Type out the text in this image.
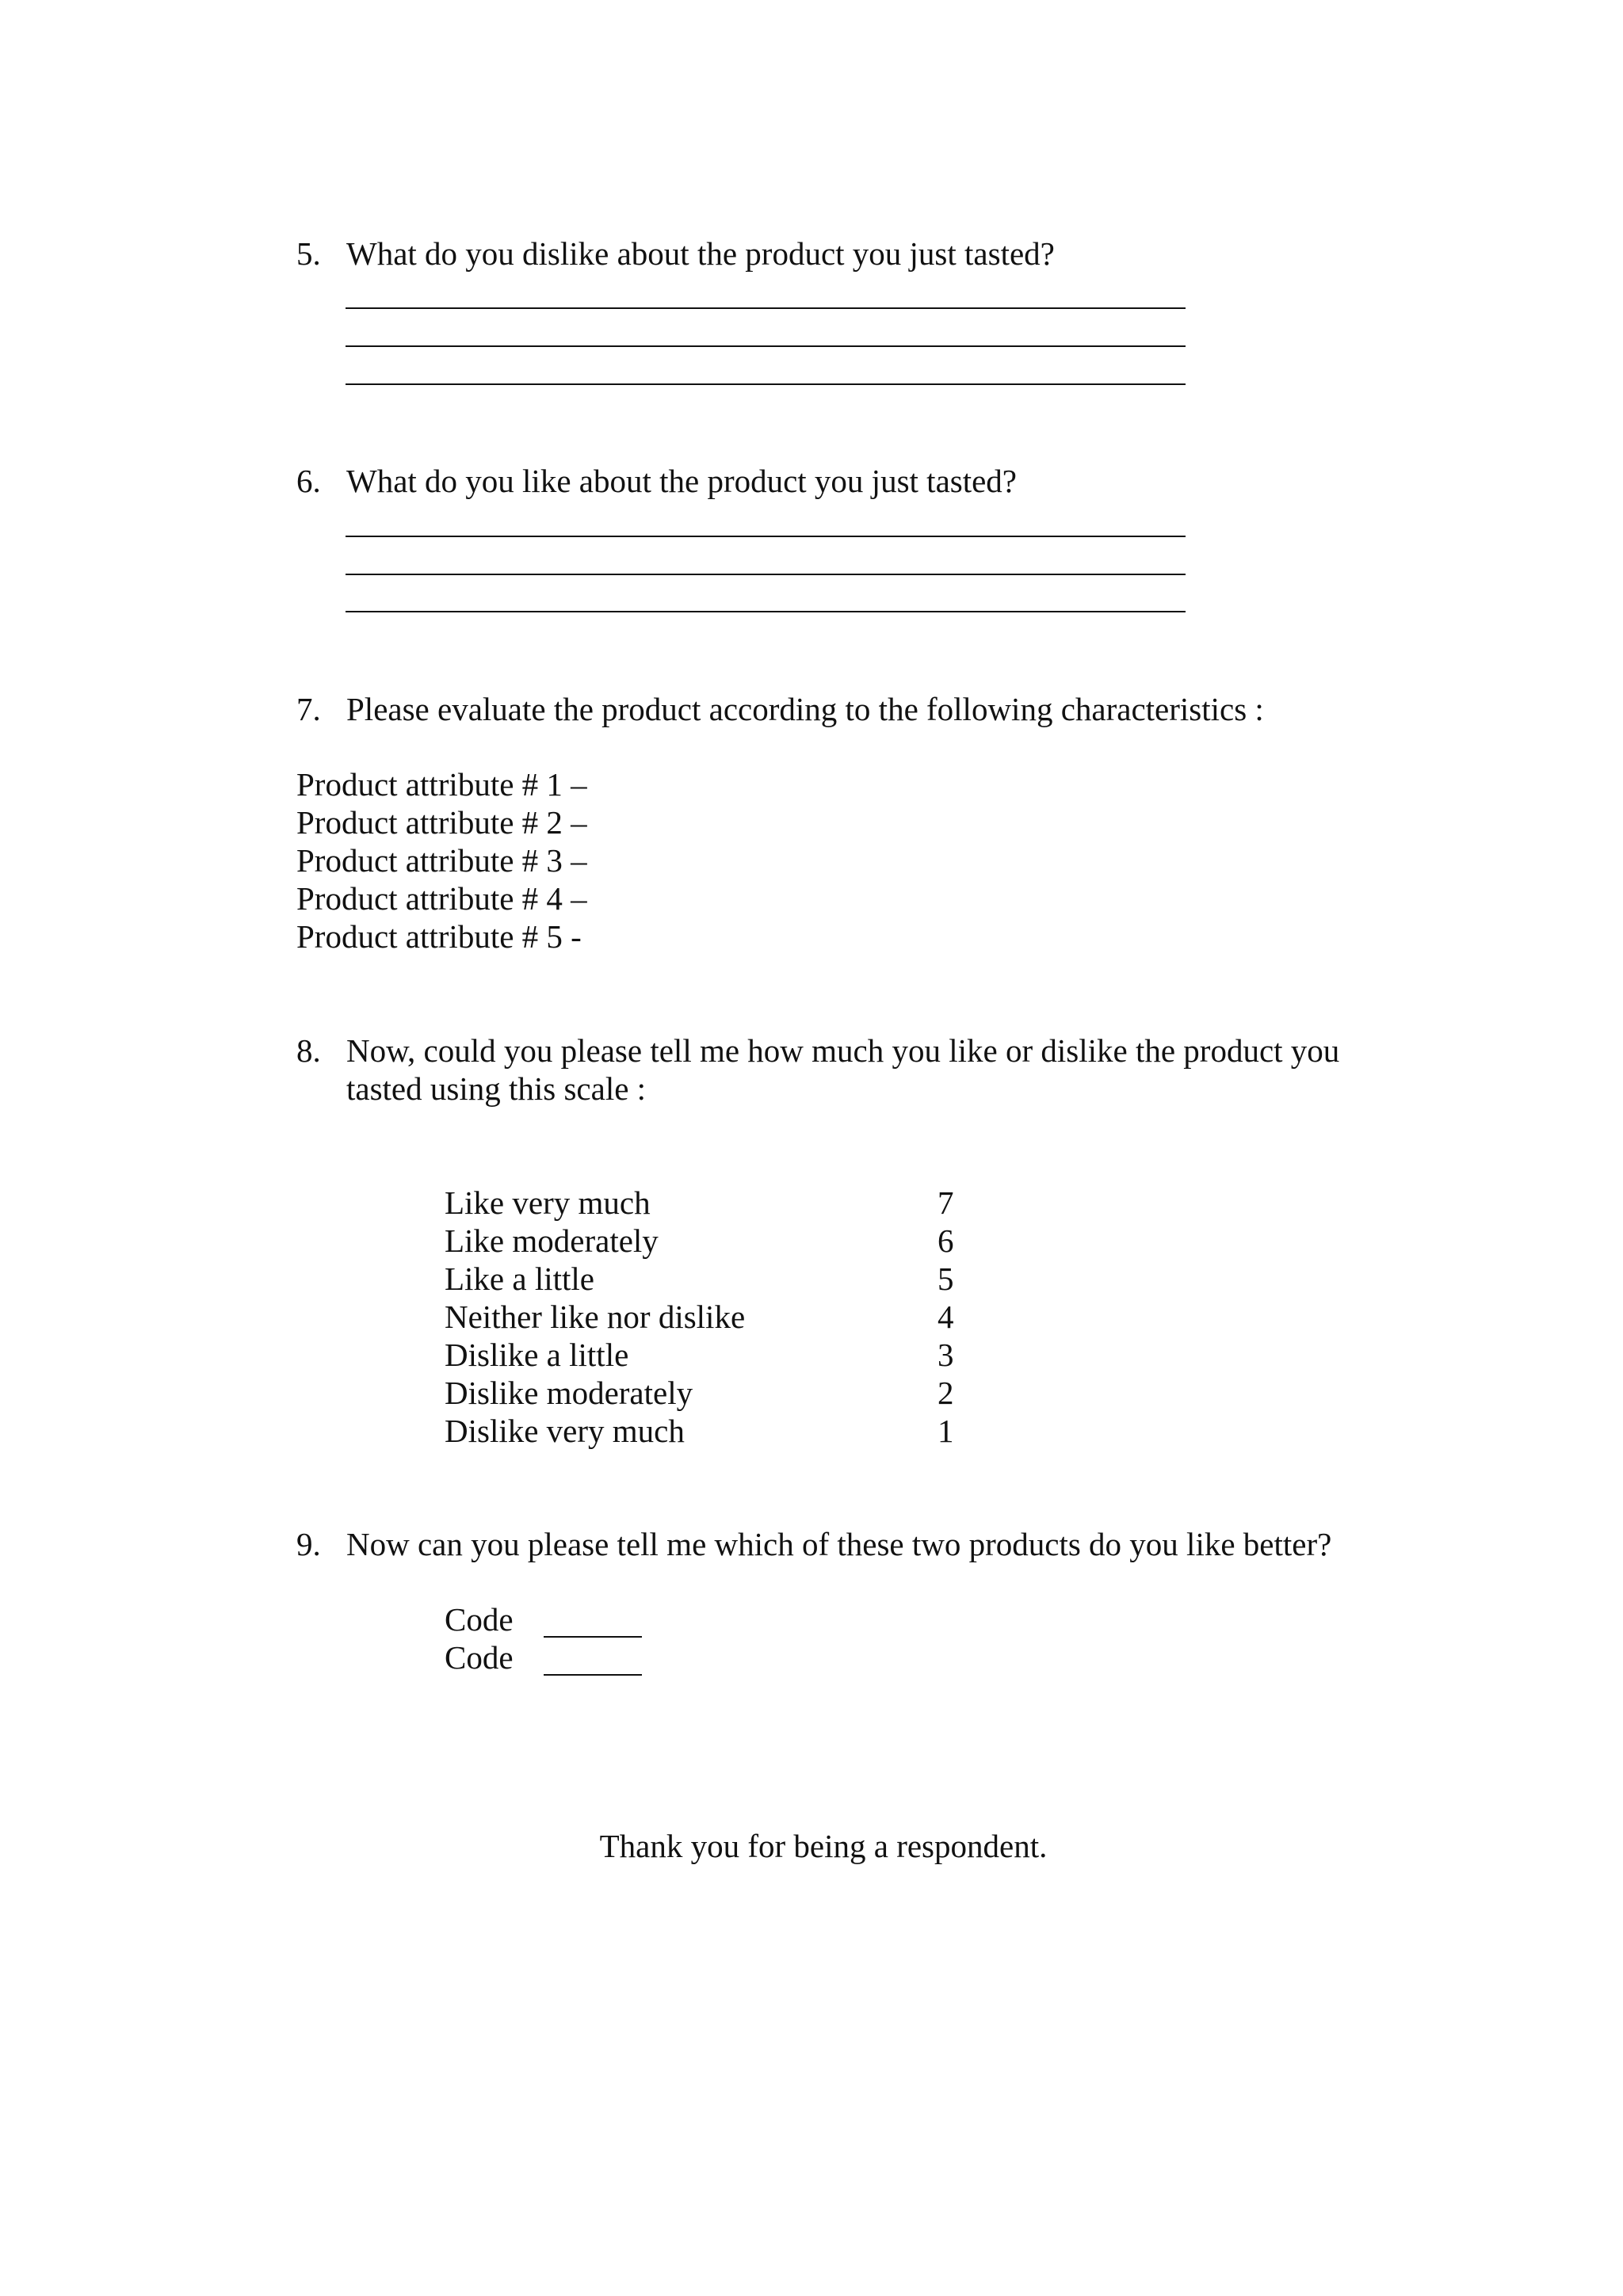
5. What do you dislike about the product you just tasted?
6. What do you like about the product you just tasted?
7. Please evaluate the product according to the following characteristics :
Product attribute # 1 –
Product attribute # 2 –
Product attribute # 3 –
Product attribute # 4 –
Product attribute # 5 -
8. Now, could you please tell me how much you like or dislike the product you
tasted using this scale :
Like very much	7
Like moderately	6
Like a little	5
Neither like nor dislike	4
Dislike a little	3
Dislike moderately	2
Dislike very much	1
9. Now can you please tell me which of these two products do you like better?
Code
Code
Thank you for being a respondent.
